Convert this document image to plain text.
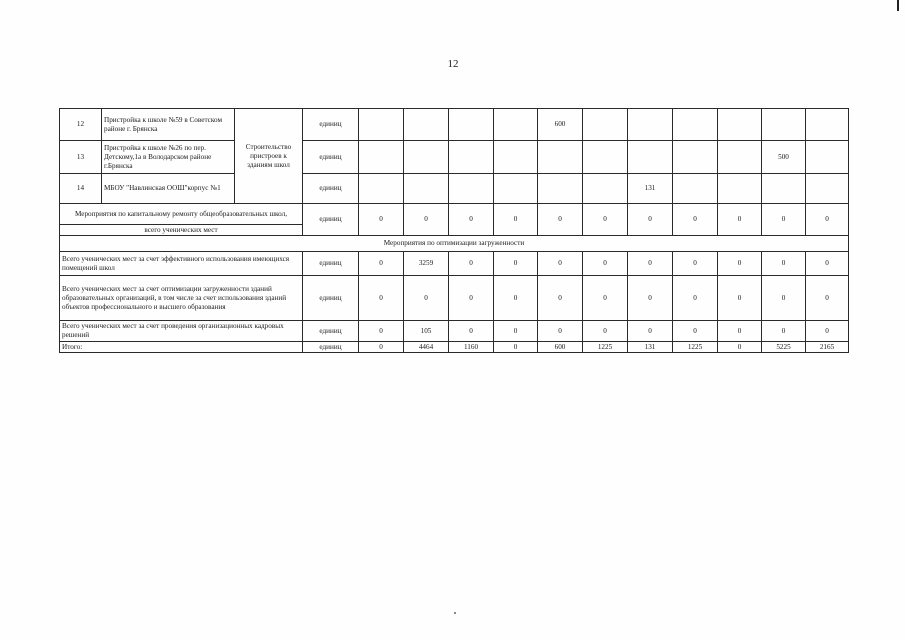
12
12	Пристройка к школе №59 в Советском районе г. Брянска	Строительство пристроев к зданиям школ	единиц					600						
13	Пристройка к школе №26 по пер. Детскому,1а в Володарском районе г.Брянска		единиц										500	
14	МБОУ "Навлинская ООШ"корпус №1		единиц							131				
Мероприятия по капитальному ремонту общеобразовательных школ,			единиц	0	0	0	0	0	0	0	0	0	0	0
всего ученических мест														
Мероприятия по оптимизации загруженности														
Всего ученических мест за счет эффективного использования имеющихся помещений школ			единиц	0	3259	0	0	0	0	0	0	0	0	0
Всего ученических мест за счет оптимизации загруженности зданий образовательных организаций, в том числе за счет использования зданий объектов профессионального и высшего образования			единиц	0	0	0	0	0	0	0	0	0	0	0
Всего ученических мест за счет проведения организационных кадровых решений			единиц	0	105	0	0	0	0	0	0	0	0	0
Итого:			единиц	0	4464	1160	0	600	1225	131	1225	0	5225	2165
